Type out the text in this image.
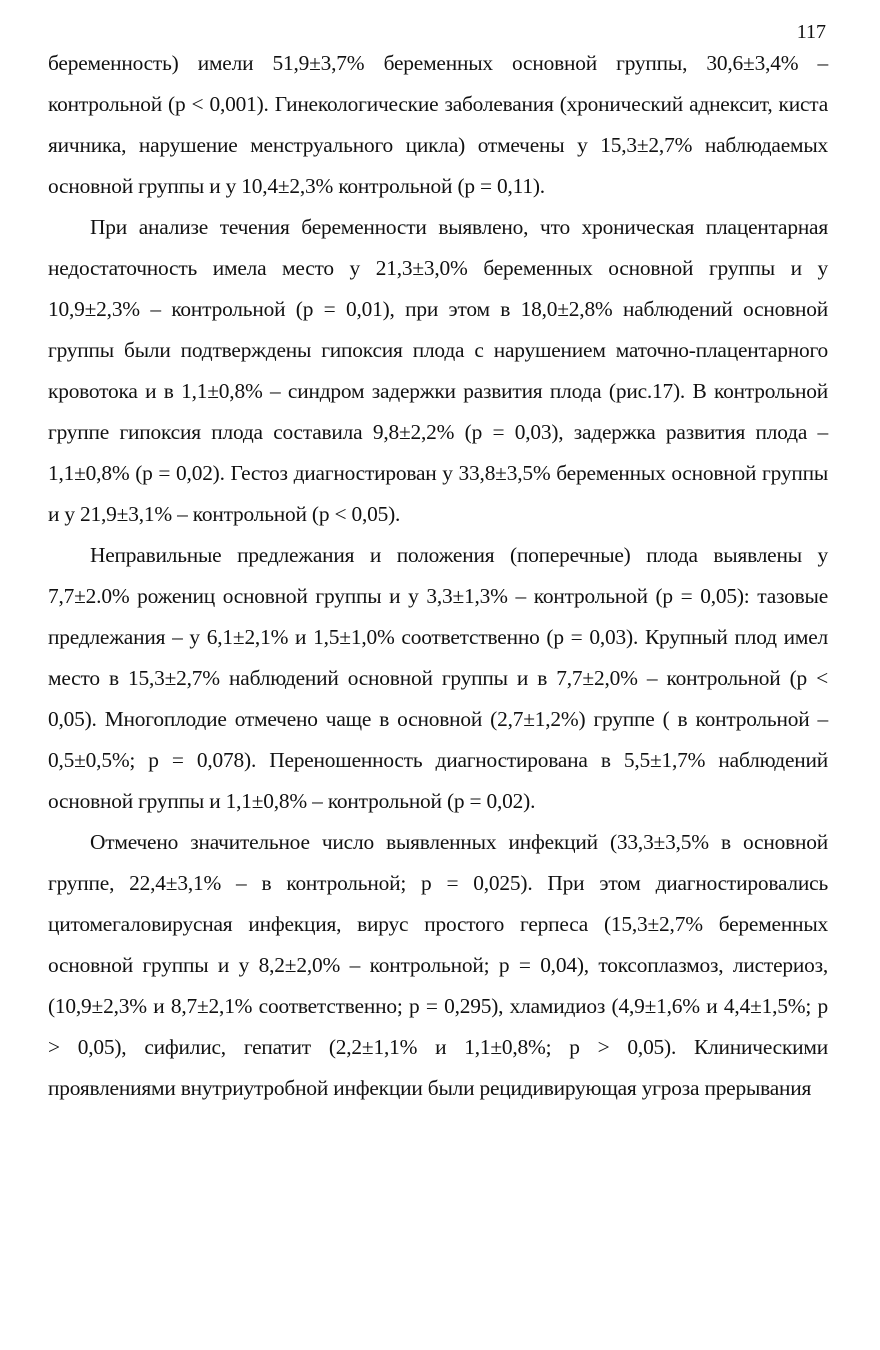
117

беременность) имели 51,9±3,7% беременных основной группы, 30,6±3,4% – контрольной (р < 0,001). Гинекологические заболевания (хронический аднексит, киста яичника, нарушение менструального цикла) отмечены у 15,3±2,7% наблюдаемых основной группы и у 10,4±2,3% контрольной (p = 0,11).

При анализе течения беременности выявлено, что хроническая плацентарная недостаточность имела место у 21,3±3,0% беременных основной группы и у 10,9±2,3% – контрольной (р = 0,01), при этом в 18,0±2,8% наблюдений основной группы были подтверждены гипоксия плода с нарушением маточно-плацентарного кровотока и в 1,1±0,8% – синдром задержки развития плода (рис.17). В контрольной группе гипоксия плода составила 9,8±2,2% (р = 0,03), задержка развития плода – 1,1±0,8% (р = 0,02). Гестоз диагностирован у 33,8±3,5% беременных основной группы и у 21,9±3,1% – контрольной (р < 0,05).

Неправильные предлежания и положения (поперечные) плода выявлены у 7,7±2.0% рожениц основной группы и у 3,3±1,3% – контрольной (р = 0,05): тазовые предлежания – у 6,1±2,1% и 1,5±1,0% соответственно (р = 0,03). Крупный плод имел место в 15,3±2,7% наблюдений основной группы и в 7,7±2,0% – контрольной (р < 0,05). Многоплодие отмечено чаще в основной (2,7±1,2%) группе ( в контрольной – 0,5±0,5%; р = 0,078). Переношенность диагностирована в 5,5±1,7% наблюдений основной группы и 1,1±0,8% – контрольной (р = 0,02).

Отмечено значительное число выявленных инфекций (33,3±3,5% в основной группе, 22,4±3,1% – в контрольной; р = 0,025). При этом диагностировались цитомегаловирусная инфекция, вирус простого герпеса (15,3±2,7% беременных основной группы и у 8,2±2,0% – контрольной; p = 0,04), токсоплазмоз, листериоз, (10,9±2,3% и 8,7±2,1% соответственно; p = 0,295), хламидиоз (4,9±1,6% и 4,4±1,5%; p > 0,05), сифилис, гепатит (2,2±1,1% и 1,1±0,8%; р > 0,05). Клиническими проявлениями внутриутробной инфекции были рецидивирующая угроза прерывания
